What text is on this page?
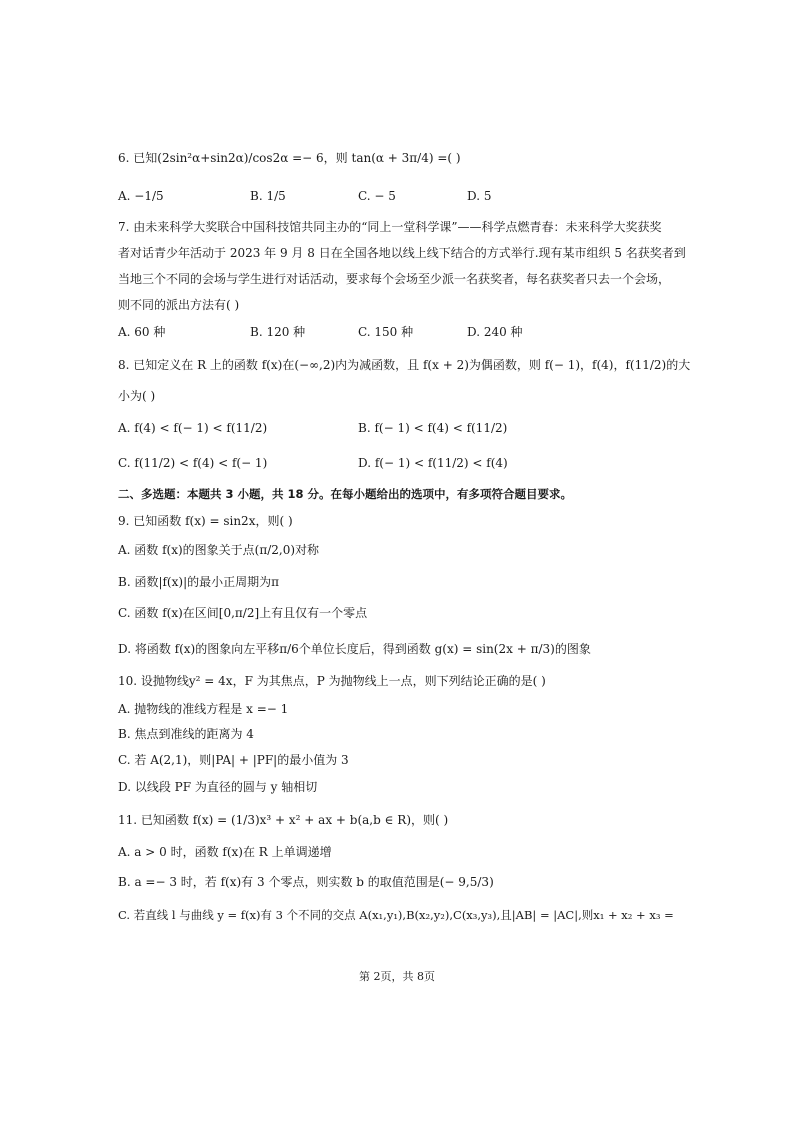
6. 已知(2sin²α+sin2α)/cos2α =− 6，则 tan(α + 3π/4) =( )
A. −1/5	B. 1/5	C. − 5	D. 5
7. 由未来科学大奖联合中国科技馆共同主办的“同上一堂科学课”——科学点燃青春：未来科学大奖获奖
者对话青少年活动于 2023 年 9 月 8 日在全国各地以线上线下结合的方式举行.现有某市组织 5 名获奖者到
当地三个不同的会场与学生进行对话活动，要求每个会场至少派一名获奖者，每名获奖者只去一个会场，
则不同的派出方法有( )
A. 60 种	B. 120 种	C. 150 种	D. 240 种
8. 已知定义在 R 上的函数 f(x)在(−∞,2)内为减函数，且 f(x + 2)为偶函数，则 f(− 1)，f(4)，f(11/2)的大
小为( )
A. f(4) < f(− 1) < f(11/2)	B. f(− 1) < f(4) < f(11/2)
C. f(11/2) < f(4) < f(− 1)	D. f(− 1) < f(11/2) < f(4)
二、多选题：本题共 3 小题，共 18 分。在每小题给出的选项中，有多项符合题目要求。
9. 已知函数 f(x) = sin2x，则( )
A. 函数 f(x)的图象关于点(π/2,0)对称
B. 函数|f(x)|的最小正周期为π
C. 函数 f(x)在区间[0,π/2]上有且仅有一个零点
D. 将函数 f(x)的图象向左平移π/6个单位长度后，得到函数 g(x) = sin(2x + π/3)的图象
10. 设抛物线y² = 4x，F 为其焦点，P 为抛物线上一点，则下列结论正确的是( )
A. 抛物线的准线方程是 x =− 1
B. 焦点到准线的距离为 4
C. 若 A(2,1)，则|PA| + |PF|的最小值为 3
D. 以线段 PF 为直径的圆与 y 轴相切
11. 已知函数 f(x) = (1/3)x³ + x² + ax + b(a,b ∈ R)，则( )
A. a > 0 时，函数 f(x)在 R 上单调递增
B. a =− 3 时，若 f(x)有 3 个零点，则实数 b 的取值范围是(− 9,5/3)
C. 若直线 l 与曲线 y = f(x)有 3 个不同的交点 A(x₁,y₁),B(x₂,y₂),C(x₃,y₃),且|AB| = |AC|,则x₁ + x₂ + x₃ =
第 2页，共 8页
